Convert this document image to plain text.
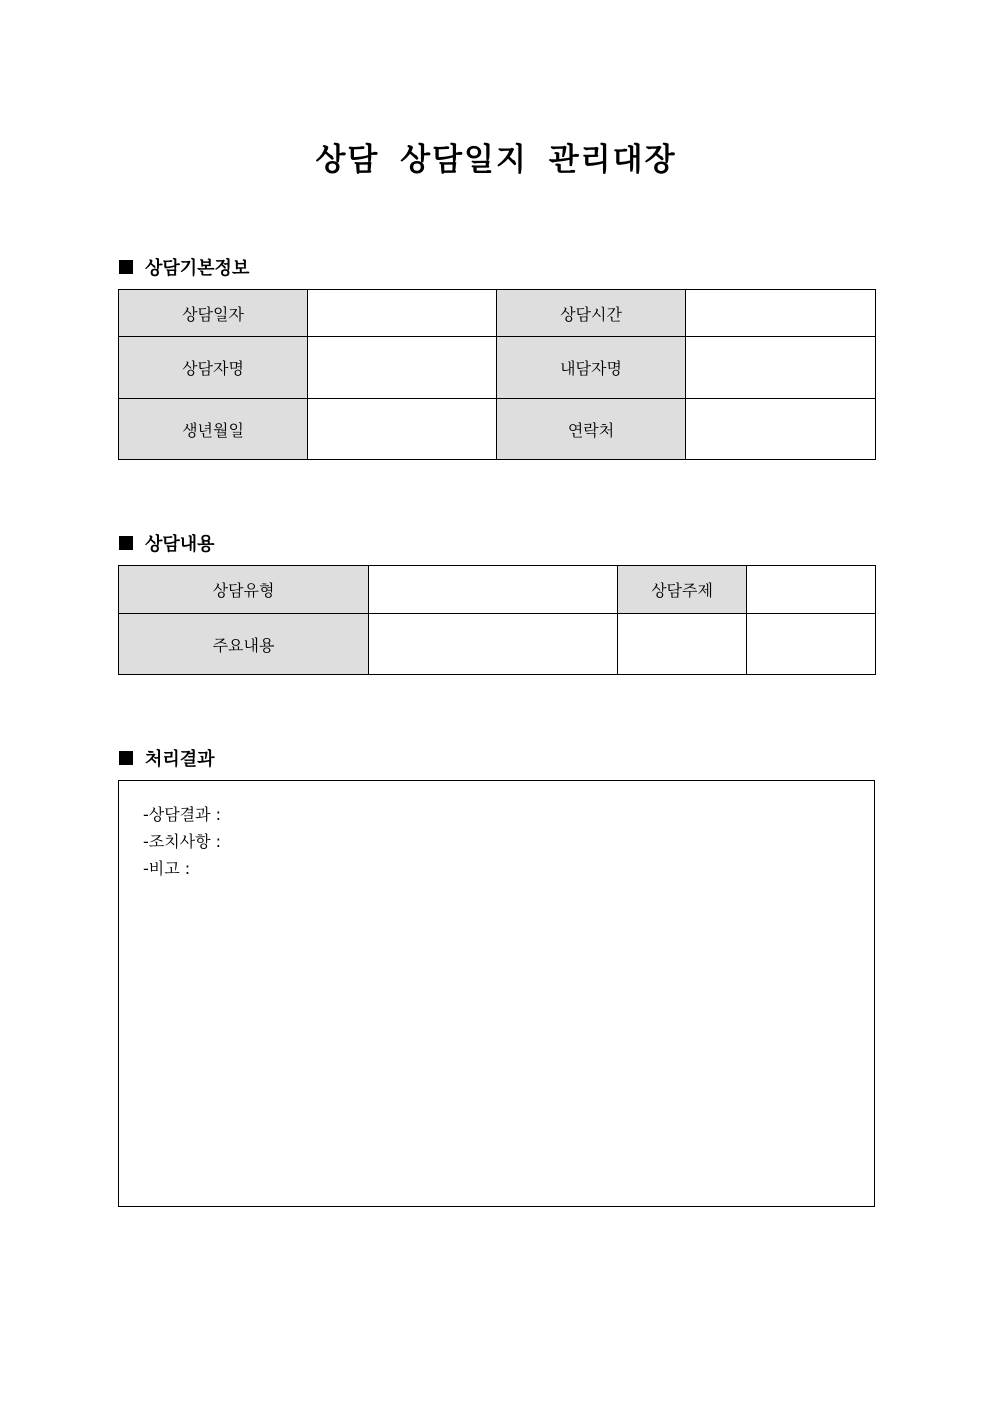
상담 상담일지 관리대장
상담기본정보
상담일자		상담시간	
상담자명		내담자명	
생년월일		연락처	
상담내용
상담유형		상담주제	
주요내용			
처리결과
-상담결과 :
-조치사항 :
-비고 :
